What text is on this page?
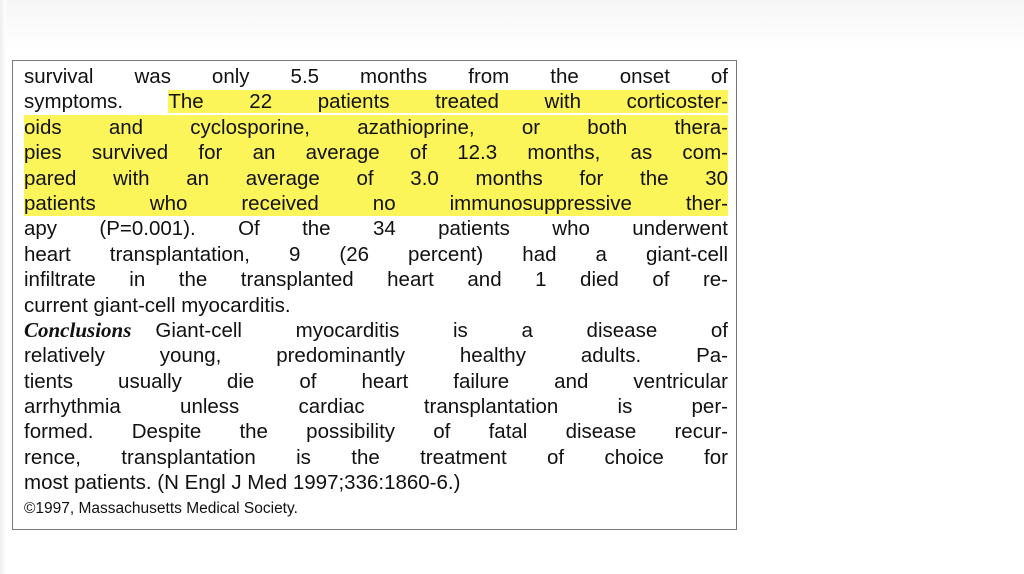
survival was only 5.5 months from the onset of
symptoms. The 22 patients treated with corticoster-
oids and cyclosporine, azathioprine, or both thera-
pies survived for an average of 12.3 months, as com-
pared with an average of 3.0 months for the 30
patients who received no immunosuppressive ther-
apy (P=0.001). Of the 34 patients who underwent
heart transplantation, 9 (26 percent) had a giant-cell
infiltrate in the transplanted heart and 1 died of re-
current giant-cell myocarditis.
Conclusions Giant-cell myocarditis is a disease of
relatively young, predominantly healthy adults. Pa-
tients usually die of heart failure and ventricular
arrhythmia unless cardiac transplantation is per-
formed. Despite the possibility of fatal disease recur-
rence, transplantation is the treatment of choice for
most patients. (N Engl J Med 1997;336:1860-6.)
©1997, Massachusetts Medical Society.
